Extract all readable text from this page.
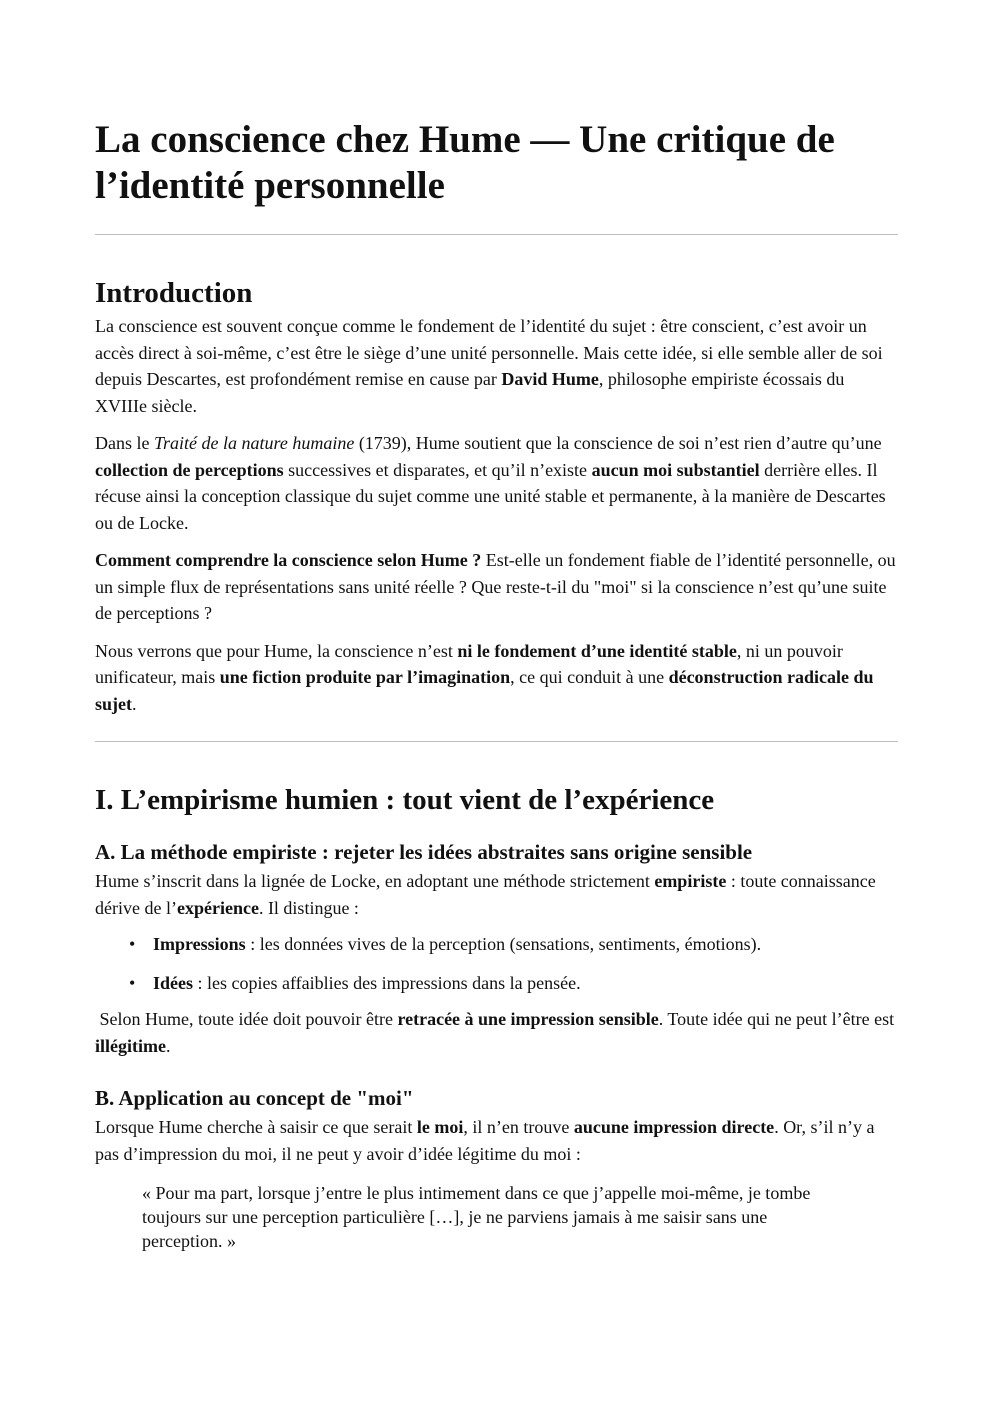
La conscience chez Hume — Une critique de l’identité personnelle
Introduction

La conscience est souvent conçue comme le fondement de l’identité du sujet : être conscient, c’est avoir un accès direct à soi-même, c’est être le siège d’une unité personnelle. Mais cette idée, si elle semble aller de soi depuis Descartes, est profondément remise en cause par David Hume, philosophe empiriste écossais du XVIIIe siècle.

Dans le Traité de la nature humaine (1739), Hume soutient que la conscience de soi n’est rien d’autre qu’une collection de perceptions successives et disparates, et qu’il n’existe aucun moi substantiel derrière elles. Il récuse ainsi la conception classique du sujet comme une unité stable et permanente, à la manière de Descartes ou de Locke.

Comment comprendre la conscience selon Hume ? Est-elle un fondement fiable de l’identité personnelle, ou un simple flux de représentations sans unité réelle ? Que reste-t-il du "moi" si la conscience n’est qu’une suite de perceptions ?

Nous verrons que pour Hume, la conscience n’est ni le fondement d’une identité stable, ni un pouvoir unificateur, mais une fiction produite par l’imagination, ce qui conduit à une déconstruction radicale du sujet.

I. L’empirisme humien : tout vient de l’expérience
A. La méthode empiriste : rejeter les idées abstraites sans origine sensible

Hume s’inscrit dans la lignée de Locke, en adoptant une méthode strictement empiriste : toute connaissance dérive de l’expérience. Il distingue :

• Impressions : les données vives de la perception (sensations, sentiments, émotions).
• Idées : les copies affaiblies des impressions dans la pensée.

Selon Hume, toute idée doit pouvoir être retracée à une impression sensible. Toute idée qui ne peut l’être est illégitime.

B. Application au concept de "moi"

Lorsque Hume cherche à saisir ce que serait le moi, il n’en trouve aucune impression directe. Or, s’il n’y a pas d’impression du moi, il ne peut y avoir d’idée légitime du moi :

« Pour ma part, lorsque j’entre le plus intimement dans ce que j’appelle moi-même, je tombe toujours sur une perception particulière […], je ne parviens jamais à me saisir sans une perception. »
